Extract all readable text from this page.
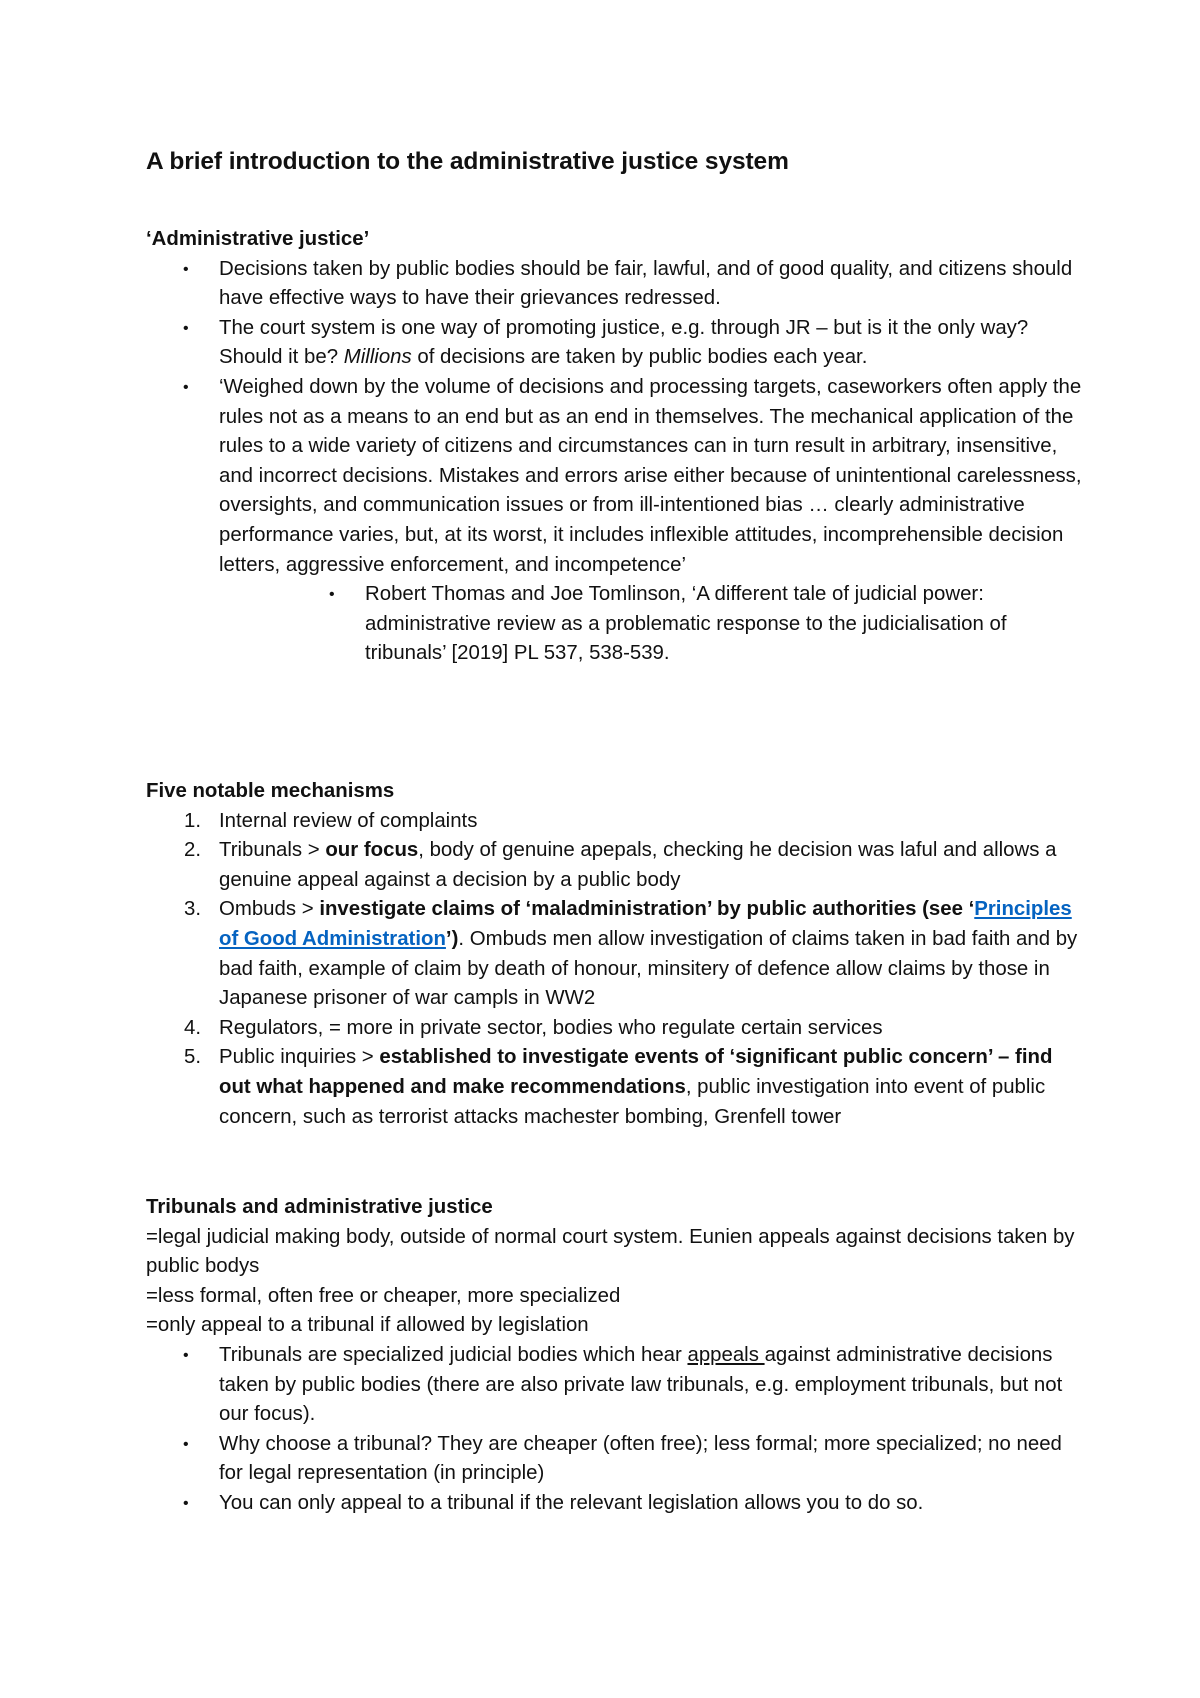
A brief introduction to the administrative justice system

‘Administrative justice’

• Decisions taken by public bodies should be fair, lawful, and of good quality, and citizens should have effective ways to have their grievances redressed.
• The court system is one way of promoting justice, e.g. through JR – but is it the only way? Should it be? Millions of decisions are taken by public bodies each year.
• ‘Weighed down by the volume of decisions and processing targets, caseworkers often apply the rules not as a means to an end but as an end in themselves. The mechanical application of the rules to a wide variety of citizens and circumstances can in turn result in arbitrary, insensitive, and incorrect decisions. Mistakes and errors arise either because of unintentional carelessness, oversights, and communication issues or from ill-intentioned bias … clearly administrative performance varies, but, at its worst, it includes inflexible attitudes, incomprehensible decision letters, aggressive enforcement, and incompetence’
• Robert Thomas and Joe Tomlinson, ‘A different tale of judicial power: administrative review as a problematic response to the judicialisation of tribunals’ [2019] PL 537, 538-539.

Five notable mechanisms

1. Internal review of complaints
2. Tribunals > our focus, body of genuine apepals, checking he decision was laful and allows a genuine appeal against a decision by a public body
3. Ombuds > investigate claims of ‘maladministration’ by public authorities (see ‘Principles of Good Administration’). Ombuds men allow investigation of claims taken in bad faith and by bad faith, example of claim by death of honour, minsitery of defence allow claims by those in Japanese prisoner of war campls in WW2
4. Regulators, = more in private sector, bodies who regulate certain services
5. Public inquiries > established to investigate events of ‘significant public concern’ – find out what happened and make recommendations, public investigation into event of public concern, such as terrorist attacks machester bombing, Grenfell tower

Tribunals and administrative justice

=legal judicial making body, outside of normal court system. Eunien appeals against decisions taken by public bodys

=less formal, often free or cheaper, more specialized

=only appeal to a tribunal if allowed by legislation

• Tribunals are specialized judicial bodies which hear appeals against administrative decisions taken by public bodies (there are also private law tribunals, e.g. employment tribunals, but not our focus).
• Why choose a tribunal? They are cheaper (often free); less formal; more specialized; no need for legal representation (in principle)
• You can only appeal to a tribunal if the relevant legislation allows you to do so.
